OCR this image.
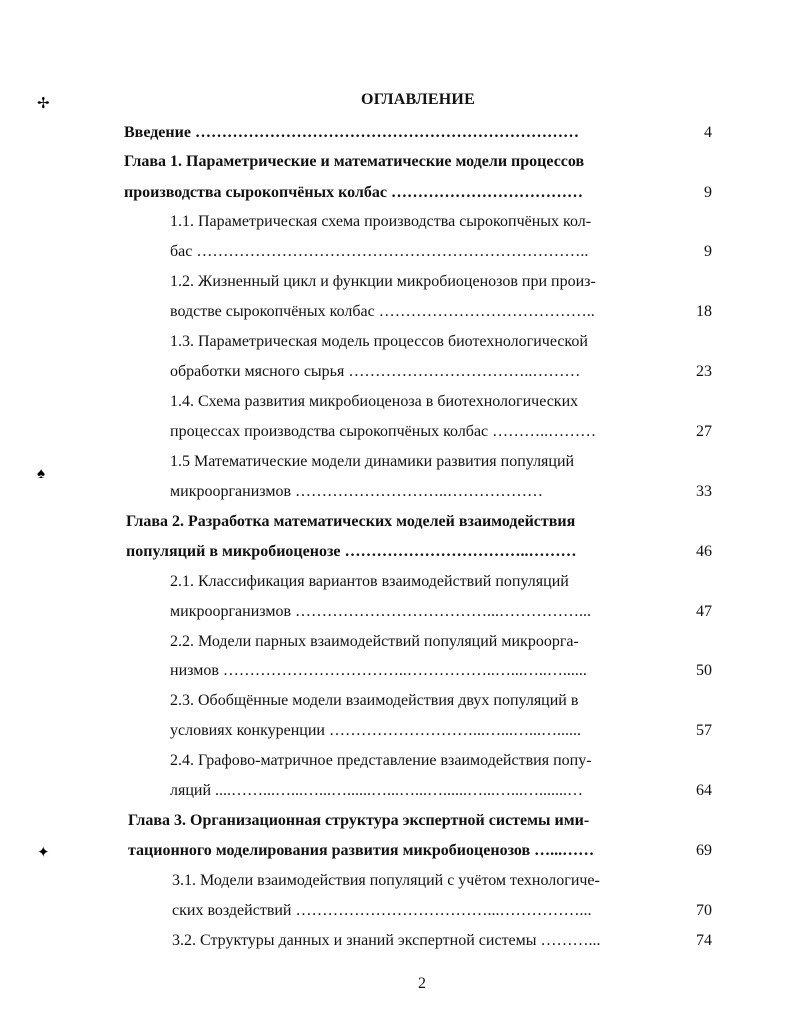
ОГЛАВЛЕНИЕ
Введение ………………………………………………………………	4
Глава 1. Параметрические и математические модели процессов
производства сырокопчёных колбас ………………………………	9
1.1. Параметрическая схема производства сырокопчёных кол-
бас ………………………………………………………………..	9
1.2. Жизненный цикл и функции микробиоценозов при произ-
водстве сырокопчёных колбас …………………………………..	18
1.3. Параметрическая модель процессов биотехнологической
обработки мясного сырья ……………………………..………	23
1.4. Схема развития микробиоценоза в биотехнологических
процессах производства сырокопчёных колбас ………..………	27
1.5 Математические модели динамики развития популяций
микроорганизмов ………………………..………………	33
Глава 2. Разработка математических моделей взаимодействия
популяций в микробиоценозе ……………………………..………	46
2.1. Классификация вариантов взаимодействий популяций
микроорганизмов ………………………………...……………...	47
2.2. Модели парных взаимодействий популяций микроорга-
низмов ……………………………..……………..…...…..…......	50
2.3. Обобщённые модели взаимодействия двух популяций в
условиях конкуренции ………………………...…...…...…......	57
2.4. Графово-матричное представление взаимодействия попу-
ляций ....……...…...…...…......…...…...…......…...…...….......…	64
Глава 3. Организационная структура экспертной системы ими-
тационного моделирования развития микробиоценозов …...……	69
3.1. Модели взаимодействия популяций с учётом технологиче-
ских воздействий ………………………………...……………...	70
3.2. Структуры данных и знаний экспертной системы ………...	74
2
✢
♠
✦
